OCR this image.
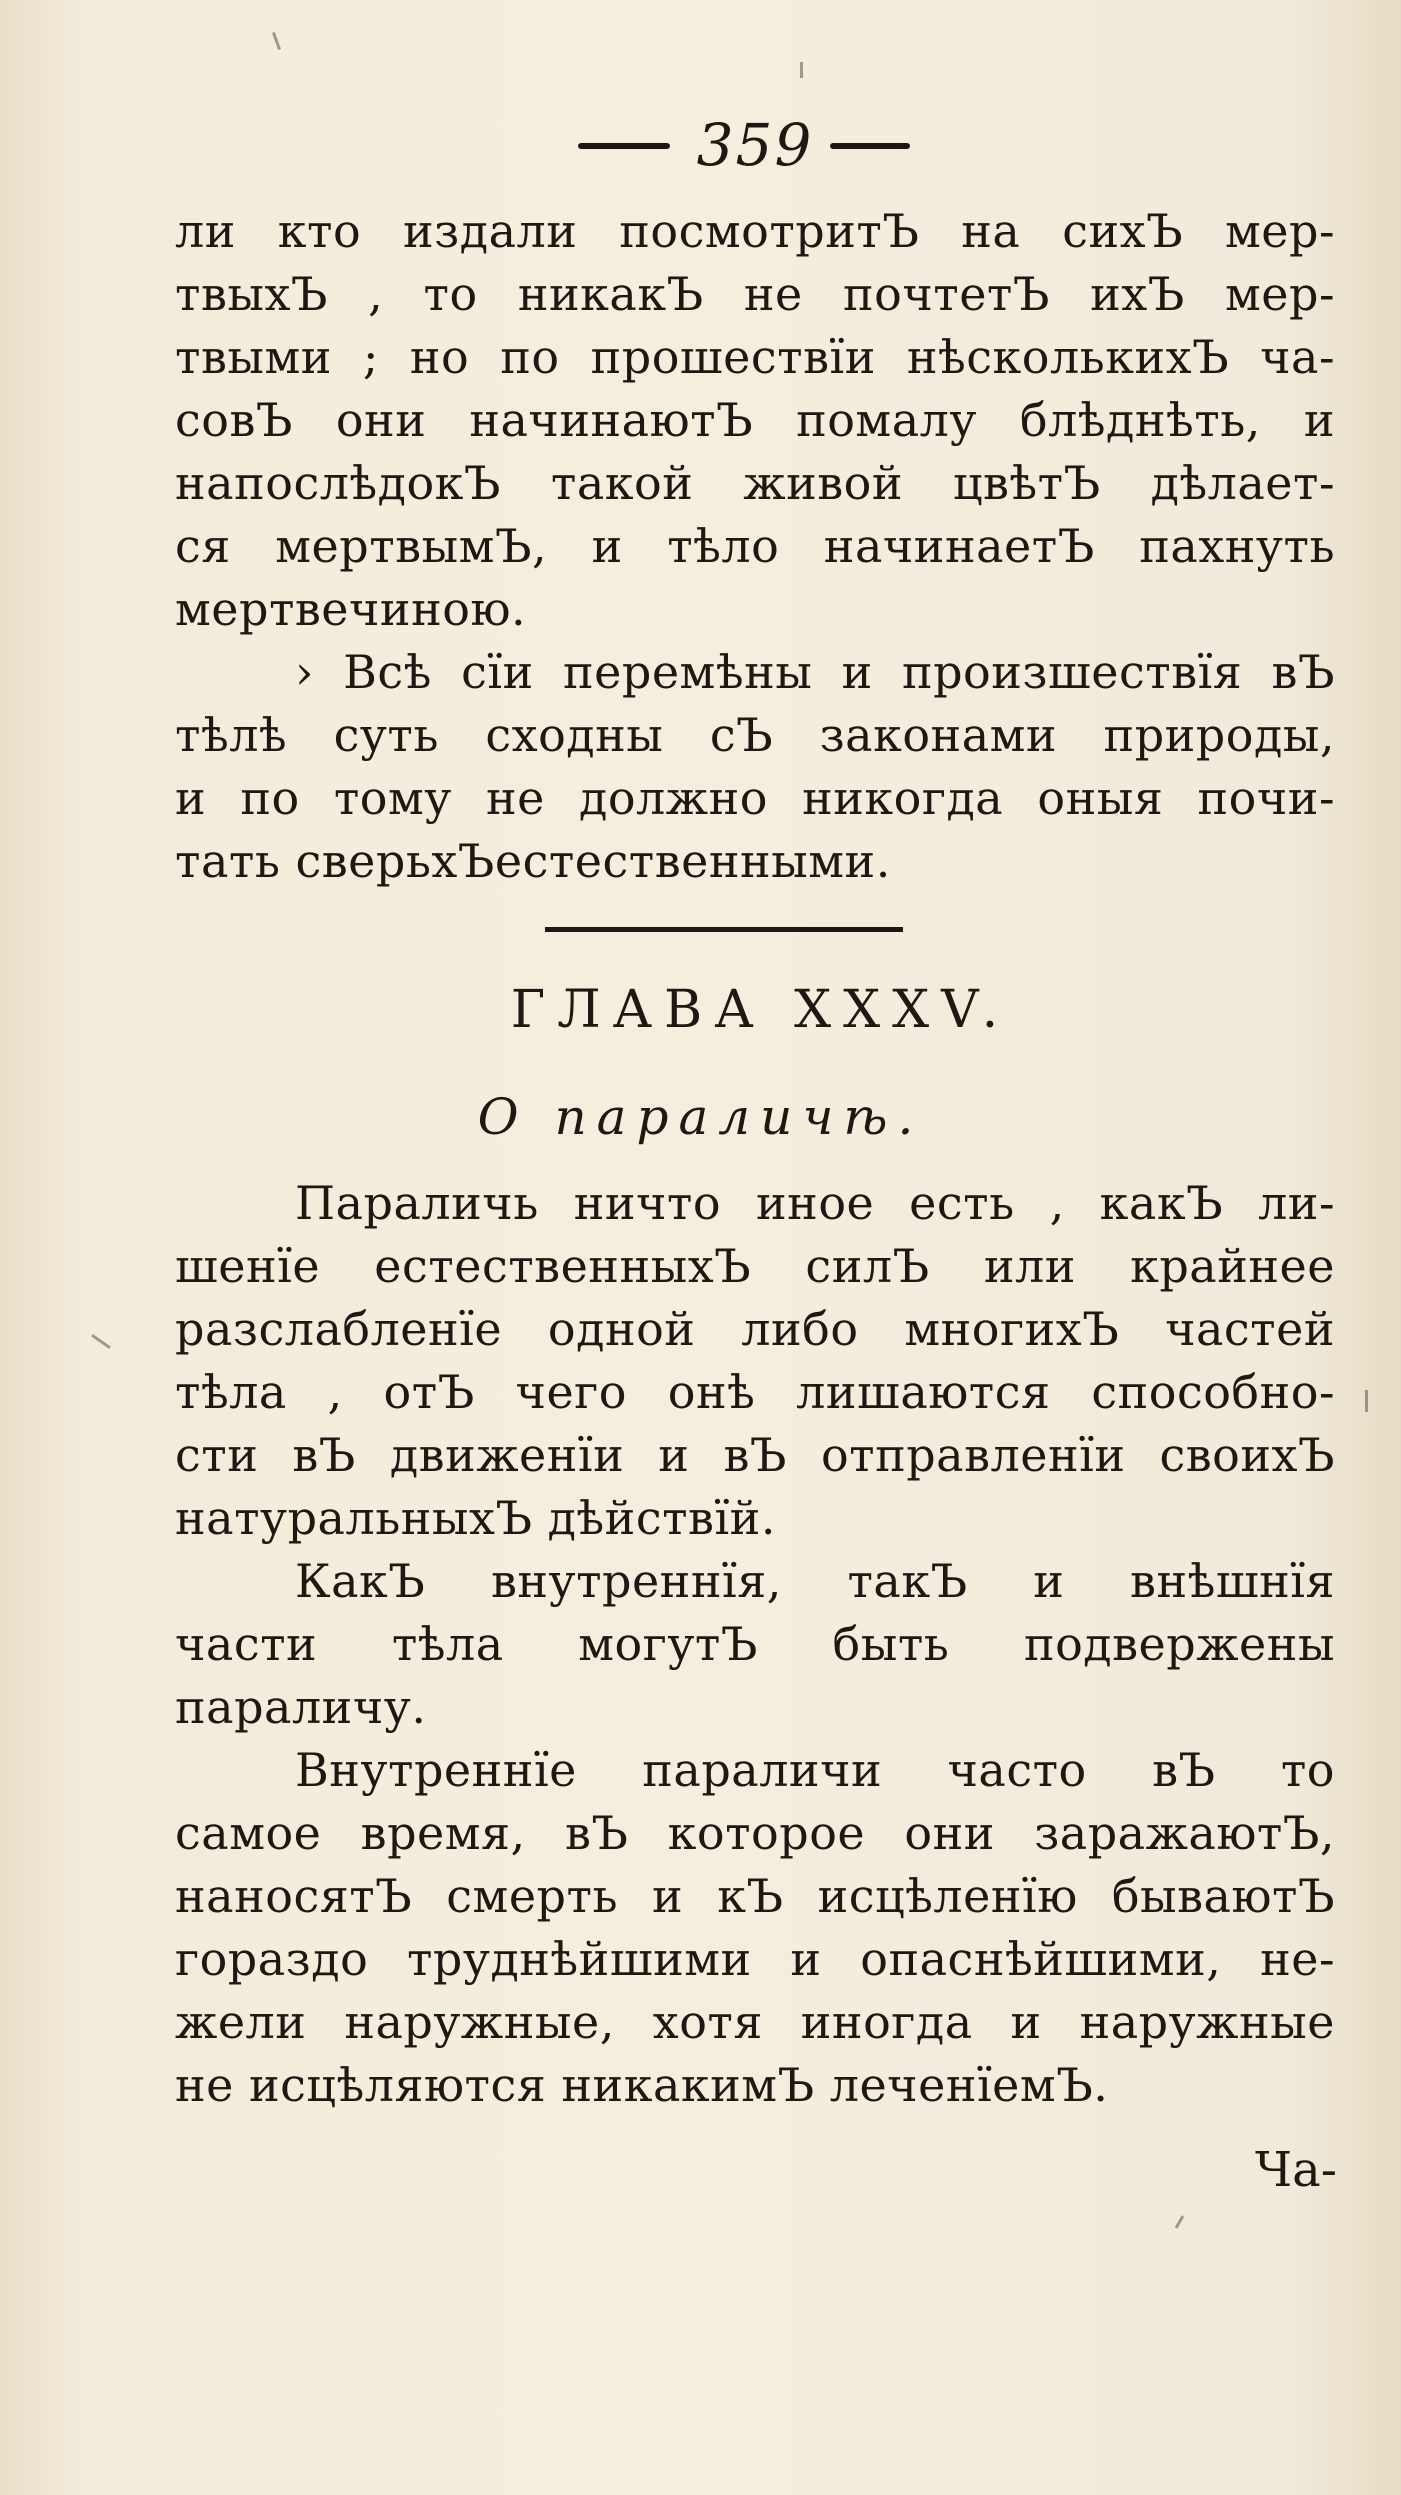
359

ли кто издали посмотритЪ на сихЪ мер-
твыхЪ , то никакЪ не почтетЪ ихЪ мер-
твыми ; но по прошествїи нѣсколькихЪ ча-
совЪ они начинаютЪ помалу блѣднѣть, и
напослѣдокЪ такой живой цвѣтЪ дѣлает-
ся мертвымЪ, и тѣло начинаетЪ пахнуть
мертвечиною.

› Всѣ сїи перемѣны и произшествїя вЪ
тѣлѣ суть сходны сЪ законами природы,
и по тому не должно никогда оныя почи-
тать сверьхЪестественными.

ГЛАВА XXXV.
О параличѣ.

Параличь ничто иное есть , какЪ ли-
шенїе естественныхЪ силЪ или крайнее
разслабленїе одной либо многихЪ частей
тѣла , отЪ чего онѣ лишаются способно-
сти вЪ движенїи и вЪ отправленїи своихЪ
натуральныхЪ дѣйствїй.

КакЪ внутреннїя, такЪ и внѣшнїя
части тѣла могутЪ быть подвержены
параличу.

Внутреннїе параличи часто вЪ то
самое время, вЪ которое они заражаютЪ,
наносятЪ смерть и кЪ исцѣленїю бываютЪ
гораздо труднѣйшими и опаснѣйшими, не-
жели наружные, хотя иногда и наружные
не исцѣляются никакимЪ леченїемЪ.

Ча-
